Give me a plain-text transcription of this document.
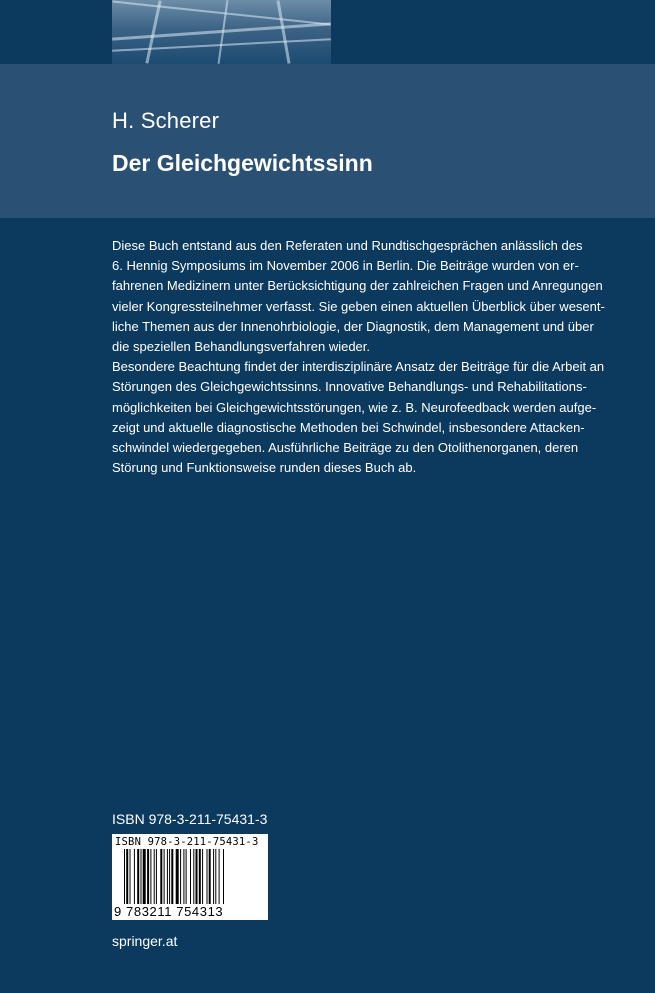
H. Scherer
Der Gleichgewichtssinn
Diese Buch entstand aus den Referaten und Rundtischgesprächen anlässlich des
6. Hennig Symposiums im November 2006 in Berlin. Die Beiträge wurden von er-
fahrenen Medizinern unter Berücksichtigung der zahlreichen Fragen und Anregungen
vieler Kongressteilnehmer verfasst. Sie geben einen aktuellen Überblick über wesent-
liche Themen aus der Innenohrbiologie, der Diagnostik, dem Management und über
die speziellen Behandlungsverfahren wieder.
Besondere Beachtung findet der interdisziplinäre Ansatz der Beiträge für die Arbeit an
Störungen des Gleichgewichtssinns. Innovative Behandlungs- und Rehabilitations-
möglichkeiten bei Gleichgewichtsstörungen, wie z. B. Neurofeedback werden aufge-
zeigt und aktuelle diagnostische Methoden bei Schwindel, insbesondere Attacken-
schwindel wiedergegeben. Ausführliche Beiträge zu den Otolithenorganen, deren
Störung und Funktionsweise runden dieses Buch ab.
ISBN 978-3-211-75431-3
ISBN 978-3-211-75431-3
9 783211 754313
springer.at
